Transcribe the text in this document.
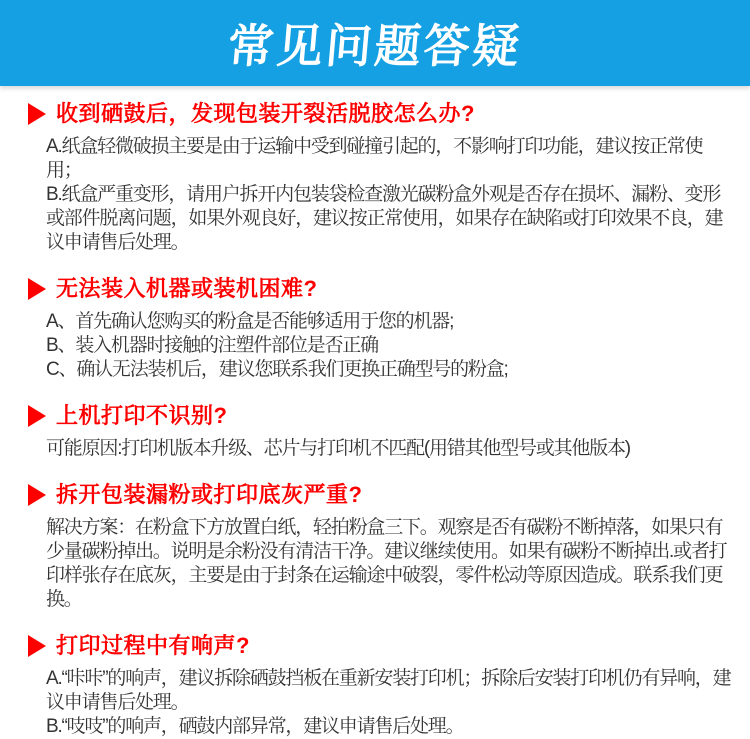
常见问题答疑
收到硒鼓后，发现包装开裂活脱胶怎么办?

A.纸盒轻微破损主要是由于运输中受到碰撞引起的，不影响打印功能，建议按正常使用；

B.纸盒严重变形，请用户拆开内包装袋检查激光碳粉盒外观是否存在损坏、漏粉、变形或部件脱离问题，如果外观良好，建议按正常使用，如果存在缺陷或打印效果不良，建议申请售后处理。

无法装入机器或装机困难?

A、首先确认您购买的粉盒是否能够适用于您的机器;

B、装入机器时接触的注塑件部位是否正确

C、确认无法装机后，建议您联系我们更换正确型号的粉盒;

上机打印不识别?

可能原因:打印机版本升级、芯片与打印机不匹配(用错其他型号或其他版本)

拆开包装漏粉或打印底灰严重?

解决方案：在粉盒下方放置白纸，轻拍粉盒三下。观察是否有碳粉不断掉落，如果只有少量碳粉掉出。说明是余粉没有清洁干净。建议继续使用。如果有碳粉不断掉出.或者打印样张存在底灰，主要是由于封条在运输途中破裂，零件松动等原因造成。联系我们更换。

打印过程中有响声?

A.“咔咔”的响声，建议拆除硒鼓挡板在重新安装打印机；拆除后安装打印机仍有异响，建议申请售后处理。

B.“吱吱”的响声，硒鼓内部异常，建议申请售后处理。
